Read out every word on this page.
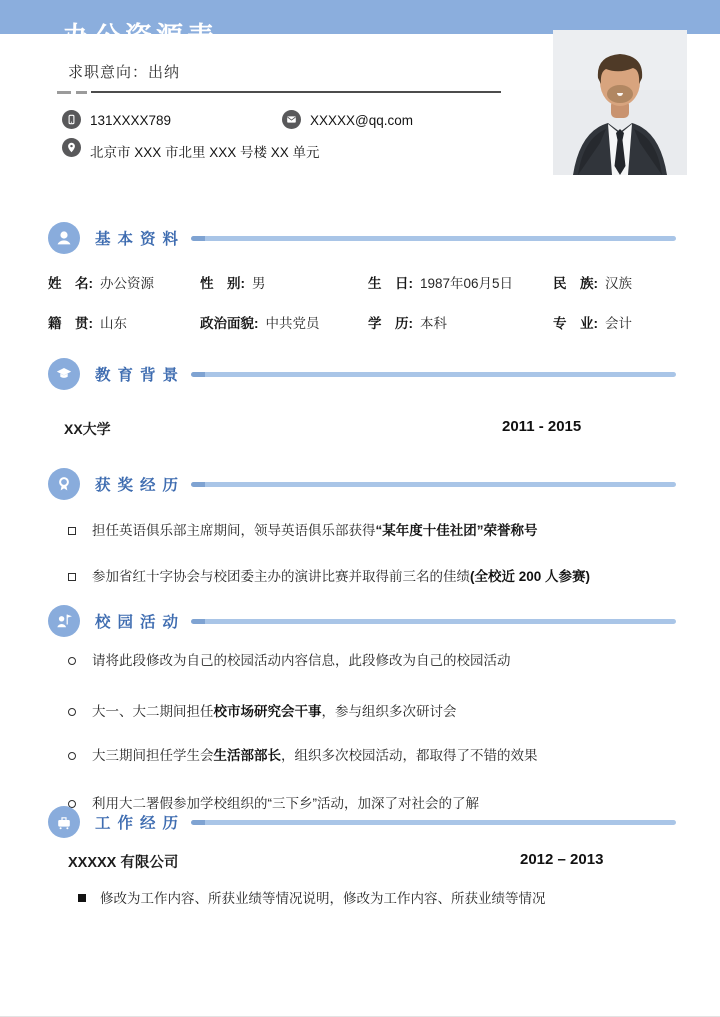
办公资源表
求职意向：出纳
131XXXX789	XXXXX@qq.com
北京市 XXX 市北里 XXX 号楼 XX 单元
基本资料
姓　名: 办公资源	性　别: 男	生　日: 1987年06月5日	民　族: 汉族
籍　贯: 山东	政治面貌: 中共党员	学　历: 本科	专　业: 会计
教育背景
XX大学	2011 - 2015
获奖经历
担任英语俱乐部主席期间，领导英语俱乐部获得“某年度十佳社团”荣誉称号
参加省红十字协会与校团委主办的演讲比赛并取得前三名的佳绩(全校近 200 人参赛)
校园活动
请将此段修改为自己的校园活动内容信息，此段修改为自己的校园活动
大一、大二期间担任校市场研究会干事，参与组织多次研讨会
大三期间担任学生会生活部部长，组织多次校园活动，都取得了不错的效果
利用大二署假参加学校组织的“三下乡”活动，加深了对社会的了解
工作经历
XXXXX 有限公司	2012 – 2013
修改为工作内容、所获业绩等情况说明，修改为工作内容、所获业绩等情况
